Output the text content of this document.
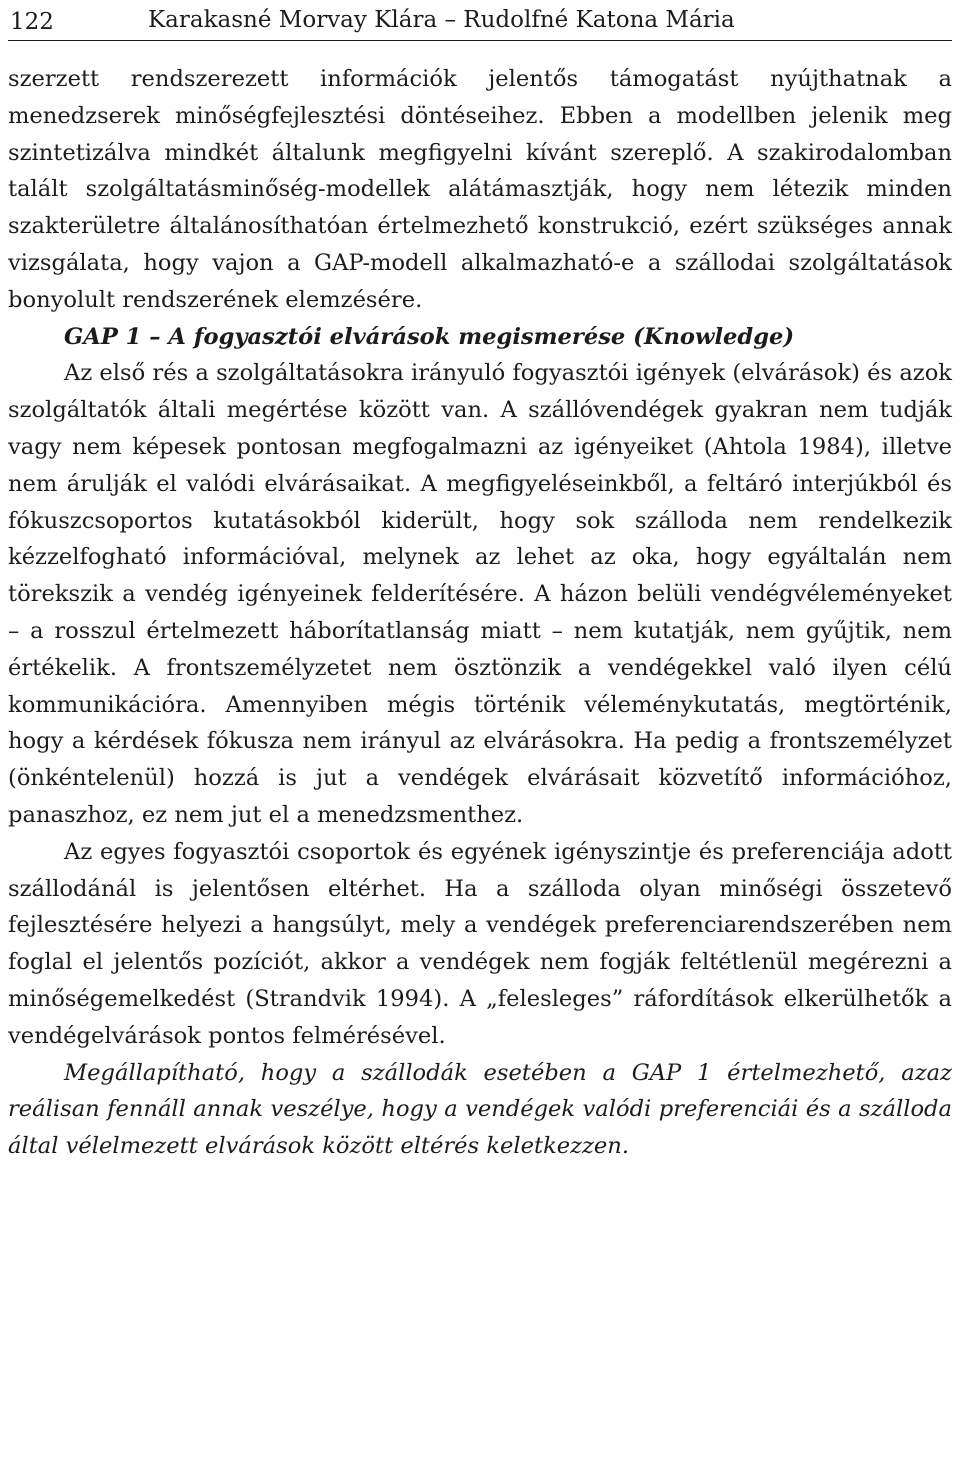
122	Karakasné Morvay Klára – Rudolfné Katona Mária

szerzett rendszerezett információk jelentős támogatást nyújthatnak a menedzserek minőségfejlesztési döntéseihez. Ebben a modellben jelenik meg szintetizálva mindkét általunk megfigyelni kívánt szereplő. A szakirodalomban talált szolgáltatásminőség-modellek alátámasztják, hogy nem létezik minden szakterületre általánosíthatóan értelmezhető konstrukció, ezért szükséges annak vizsgálata, hogy vajon a GAP-modell alkalmazható-e a szállodai szolgáltatások bonyolult rendszerének elemzésére.

GAP 1 – A fogyasztói elvárások megismerése (Knowledge)

Az első rés a szolgáltatásokra irányuló fogyasztói igények (elvárások) és azok szolgáltatók általi megértése között van. A szállóvendégek gyakran nem tudják vagy nem képesek pontosan megfogalmazni az igényeiket (Ahtola 1984), illetve nem árulják el valódi elvárásaikat. A megfigyeléseinkből, a feltáró interjúkból és fókuszcsoportos kutatásokból kiderült, hogy sok szálloda nem rendelkezik kézzelfogható információval, melynek az lehet az oka, hogy egyáltalán nem törekszik a vendég igényeinek felderítésére. A házon belüli vendégvéleményeket – a rosszul értelmezett háborítatlanság miatt – nem kutatják, nem gyűjtik, nem értékelik. A frontszemélyzetet nem ösztönzik a vendégekkel való ilyen célú kommunikációra. Amennyiben mégis történik véleménykutatás, megtörténik, hogy a kérdések fókusza nem irányul az elvárásokra. Ha pedig a frontszemélyzet (önkéntelenül) hozzá is jut a vendégek elvárásait közvetítő információhoz, panaszhoz, ez nem jut el a menedzsmenthez.

Az egyes fogyasztói csoportok és egyének igényszintje és preferenciája adott szállodánál is jelentősen eltérhet. Ha a szálloda olyan minőségi összetevő fejlesztésére helyezi a hangsúlyt, mely a vendégek preferenciarendszerében nem foglal el jelentős pozíciót, akkor a vendégek nem fogják feltétlenül megérezni a minőségemelkedést (Strandvik 1994). A „felesleges” ráfordítások elkerülhetők a vendégelvárások pontos felmérésével.

Megállapítható, hogy a szállodák esetében a GAP 1 értelmezhető, azaz reálisan fennáll annak veszélye, hogy a vendégek valódi preferenciái és a szálloda által vélelmezett elvárások között eltérés keletkezzen.
